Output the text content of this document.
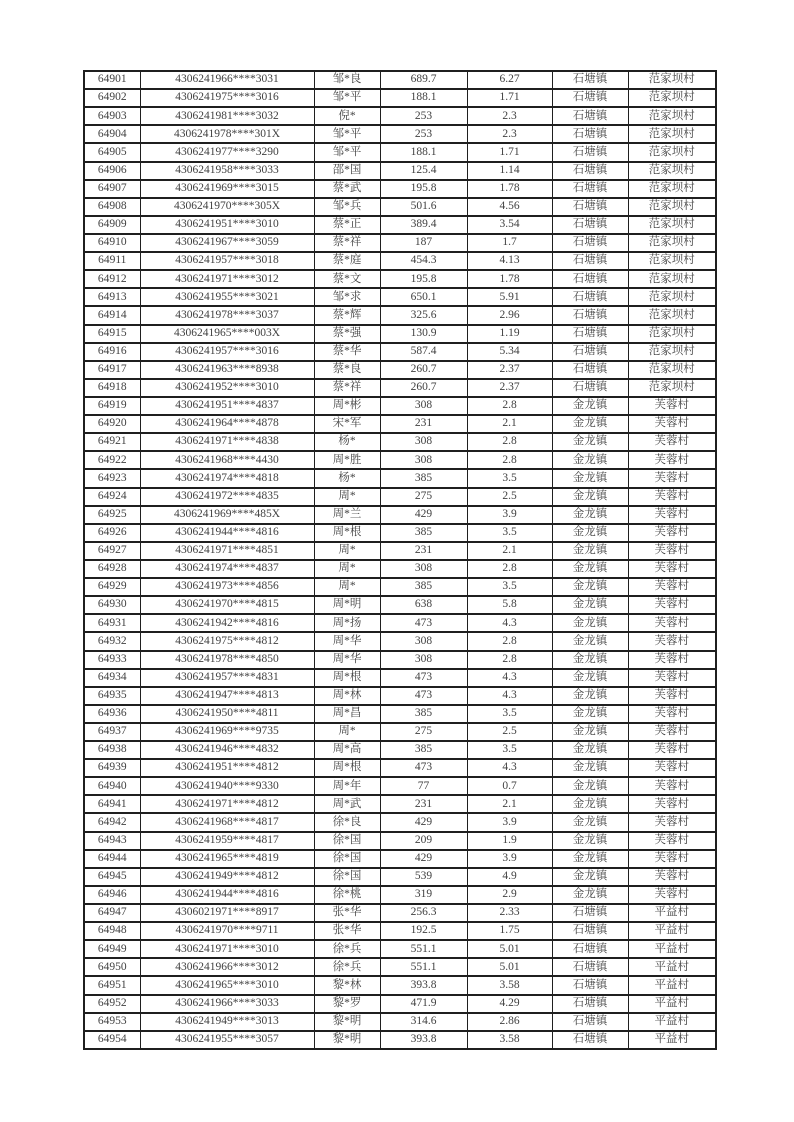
64901	4306241966****3031	邹*良	689.7	6.27	石塘镇	范家坝村
64902	4306241975****3016	邹*平	188.1	1.71	石塘镇	范家坝村
64903	4306241981****3032	倪*	253	2.3	石塘镇	范家坝村
64904	4306241978****301X	邹*平	253	2.3	石塘镇	范家坝村
64905	4306241977****3290	邹*平	188.1	1.71	石塘镇	范家坝村
64906	4306241958****3033	邵*国	125.4	1.14	石塘镇	范家坝村
64907	4306241969****3015	蔡*武	195.8	1.78	石塘镇	范家坝村
64908	4306241970****305X	邹*兵	501.6	4.56	石塘镇	范家坝村
64909	4306241951****3010	蔡*正	389.4	3.54	石塘镇	范家坝村
64910	4306241967****3059	蔡*祥	187	1.7	石塘镇	范家坝村
64911	4306241957****3018	蔡*庭	454.3	4.13	石塘镇	范家坝村
64912	4306241971****3012	蔡*文	195.8	1.78	石塘镇	范家坝村
64913	4306241955****3021	邹*求	650.1	5.91	石塘镇	范家坝村
64914	4306241978****3037	蔡*辉	325.6	2.96	石塘镇	范家坝村
64915	4306241965****003X	蔡*强	130.9	1.19	石塘镇	范家坝村
64916	4306241957****3016	蔡*华	587.4	5.34	石塘镇	范家坝村
64917	4306241963****8938	蔡*良	260.7	2.37	石塘镇	范家坝村
64918	4306241952****3010	蔡*祥	260.7	2.37	石塘镇	范家坝村
64919	4306241951****4837	周*彬	308	2.8	金龙镇	芙蓉村
64920	4306241964****4878	宋*军	231	2.1	金龙镇	芙蓉村
64921	4306241971****4838	杨*	308	2.8	金龙镇	芙蓉村
64922	4306241968****4430	周*胜	308	2.8	金龙镇	芙蓉村
64923	4306241974****4818	杨*	385	3.5	金龙镇	芙蓉村
64924	4306241972****4835	周*	275	2.5	金龙镇	芙蓉村
64925	4306241969****485X	周*兰	429	3.9	金龙镇	芙蓉村
64926	4306241944****4816	周*根	385	3.5	金龙镇	芙蓉村
64927	4306241971****4851	周*	231	2.1	金龙镇	芙蓉村
64928	4306241974****4837	周*	308	2.8	金龙镇	芙蓉村
64929	4306241973****4856	周*	385	3.5	金龙镇	芙蓉村
64930	4306241970****4815	周*明	638	5.8	金龙镇	芙蓉村
64931	4306241942****4816	周*扬	473	4.3	金龙镇	芙蓉村
64932	4306241975****4812	周*华	308	2.8	金龙镇	芙蓉村
64933	4306241978****4850	周*华	308	2.8	金龙镇	芙蓉村
64934	4306241957****4831	周*根	473	4.3	金龙镇	芙蓉村
64935	4306241947****4813	周*林	473	4.3	金龙镇	芙蓉村
64936	4306241950****4811	周*昌	385	3.5	金龙镇	芙蓉村
64937	4306241969****9735	周*	275	2.5	金龙镇	芙蓉村
64938	4306241946****4832	周*高	385	3.5	金龙镇	芙蓉村
64939	4306241951****4812	周*根	473	4.3	金龙镇	芙蓉村
64940	4306241940****9330	周*年	77	0.7	金龙镇	芙蓉村
64941	4306241971****4812	周*武	231	2.1	金龙镇	芙蓉村
64942	4306241968****4817	徐*良	429	3.9	金龙镇	芙蓉村
64943	4306241959****4817	徐*国	209	1.9	金龙镇	芙蓉村
64944	4306241965****4819	徐*国	429	3.9	金龙镇	芙蓉村
64945	4306241949****4812	徐*国	539	4.9	金龙镇	芙蓉村
64946	4306241944****4816	徐*桃	319	2.9	金龙镇	芙蓉村
64947	4306021971****8917	张*华	256.3	2.33	石塘镇	平益村
64948	4306241970****9711	张*华	192.5	1.75	石塘镇	平益村
64949	4306241971****3010	徐*兵	551.1	5.01	石塘镇	平益村
64950	4306241966****3012	徐*兵	551.1	5.01	石塘镇	平益村
64951	4306241965****3010	黎*林	393.8	3.58	石塘镇	平益村
64952	4306241966****3033	黎*罗	471.9	4.29	石塘镇	平益村
64953	4306241949****3013	黎*明	314.6	2.86	石塘镇	平益村
64954	4306241955****3057	黎*明	393.8	3.58	石塘镇	平益村
